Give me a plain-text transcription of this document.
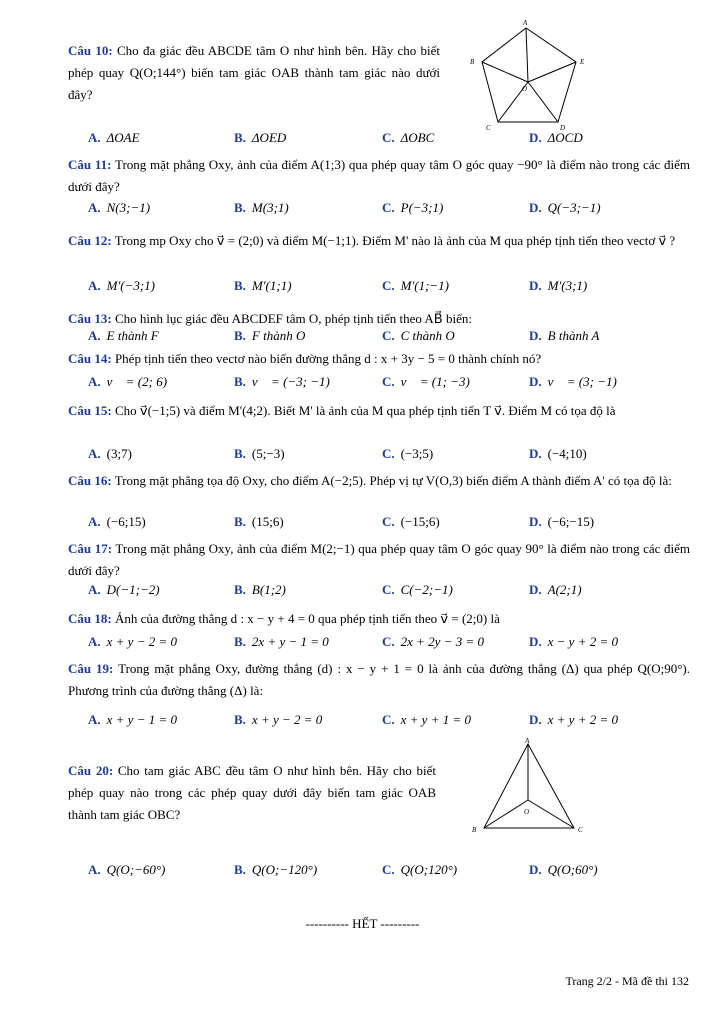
Câu 10: Cho đa giác đều ABCDE tâm O như hình bên. Hãy cho biết phép quay Q(O;144°) biến tam giác OAB thành tam giác nào dưới đây?
A
B
C	D
E
O
A. ΔOAE	B. ΔOED	C. ΔOBC	D. ΔOCD
Câu 11: Trong mặt phẳng Oxy, ảnh của điểm A(1;3) qua phép quay tâm O góc quay −90° là điểm nào trong các điểm dưới đây?
A. N(3;−1)	B. M(3;1)	C. P(−3;1)	D. Q(−3;−1)
Câu 12: Trong mp Oxy cho v⃗ = (2;0) và điểm M(−1;1). Điểm M' nào là ảnh của M qua phép tịnh tiến theo vectơ v⃗ ?
A. M'(−3;1)	B. M'(1;1)	C. M'(1;−1)	D. M'(3;1)
Câu 13: Cho hình lục giác đều ABCDEF tâm O, phép tịnh tiến theo AB⃗ biến:
A. E thành F	B. F thành O	C. C thành O	D. B thành A
Câu 14: Phép tịnh tiến theo vectơ nào biến đường thẳng d : x + 3y − 5 = 0 thành chính nó?
A. v⃗ = (2; 6)	B. v⃗ = (−3; −1)	C. v⃗ = (1; −3)	D. v⃗ = (3; −1)
Câu 15: Cho v⃗(−1;5) và điểm M'(4;2). Biết M' là ảnh của M qua phép tịnh tiến T v⃗. Điểm M có tọa độ là
A. (3;7)	B. (5;−3)	C. (−3;5)	D. (−4;10)
Câu 16: Trong mặt phẳng tọa độ Oxy, cho điểm A(−2;5). Phép vị tự V(O,3) biến điểm A thành điểm A' có tọa độ là:
A. (−6;15)	B. (15;6)	C. (−15;6)	D. (−6;−15)
Câu 17: Trong mặt phẳng Oxy, ảnh của điểm M(2;−1) qua phép quay tâm O góc quay 90° là điểm nào trong các điểm dưới đây?
A. D(−1;−2)	B. B(1;2)	C. C(−2;−1)	D. A(2;1)
Câu 18: Ảnh của đường thẳng d : x − y + 4 = 0 qua phép tịnh tiến theo v⃗ = (2;0) là
A. x + y − 2 = 0	B. 2x + y − 1 = 0	C. 2x + 2y − 3 = 0	D. x − y + 2 = 0
Câu 19: Trong mặt phẳng Oxy, đường thẳng (d) : x − y + 1 = 0 là ảnh của đường thẳng (Δ) qua phép Q(O;90°). Phương trình của đường thẳng (Δ) là:
A. x + y − 1 = 0	B. x + y − 2 = 0	C. x + y + 1 = 0	D. x + y + 2 = 0
Câu 20: Cho tam giác ABC đều tâm O như hình bên. Hãy cho biết phép quay nào trong các phép quay dưới đây biến tam giác OAB thành tam giác OBC?
A
B	C
O
A. Q(O;−60°)	B. Q(O;−120°)	C. Q(O;120°)	D. Q(O;60°)
---------- HẾT ---------
Trang 2/2 - Mã đề thi 132
